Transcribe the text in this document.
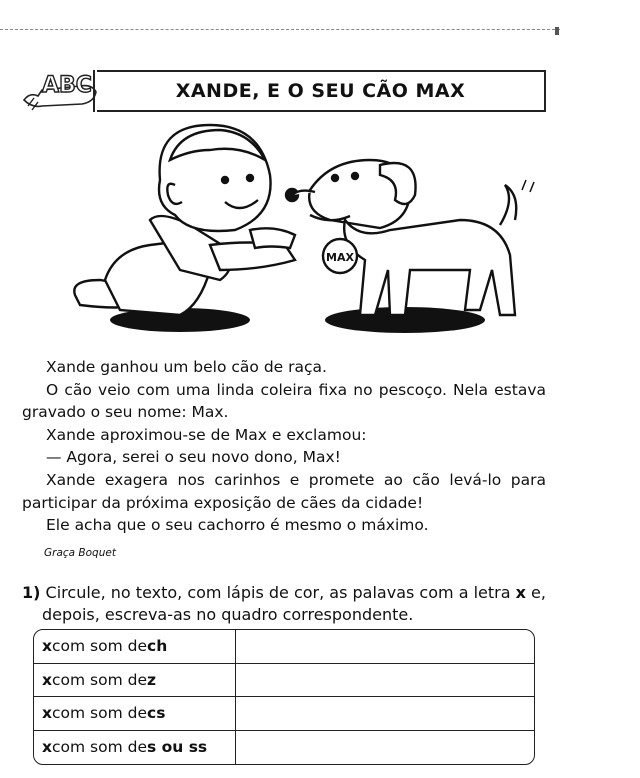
ABC	XANDE, E O SEU CÃO MAX
MAX

Xande ganhou um belo cão de raça.

O cão veio com uma linda coleira fixa no pescoço. Nela estava gravado o seu nome: Max.

Xande aproximou-se de Max e exclamou:

— Agora, serei o seu novo dono, Max!

Xande exagera nos carinhos e promete ao cão levá-lo para participar da próxima exposição de cães da cidade!

Ele acha que o seu cachorro é mesmo o máximo.

Graça Boquet
1) Circule, no texto, com lápis de cor, as palavas com a letra x e,
depois, escreva-as no quadro correspondente.
x com som de ch
x com som de z
x com som de cs
x com som de s ou ss
